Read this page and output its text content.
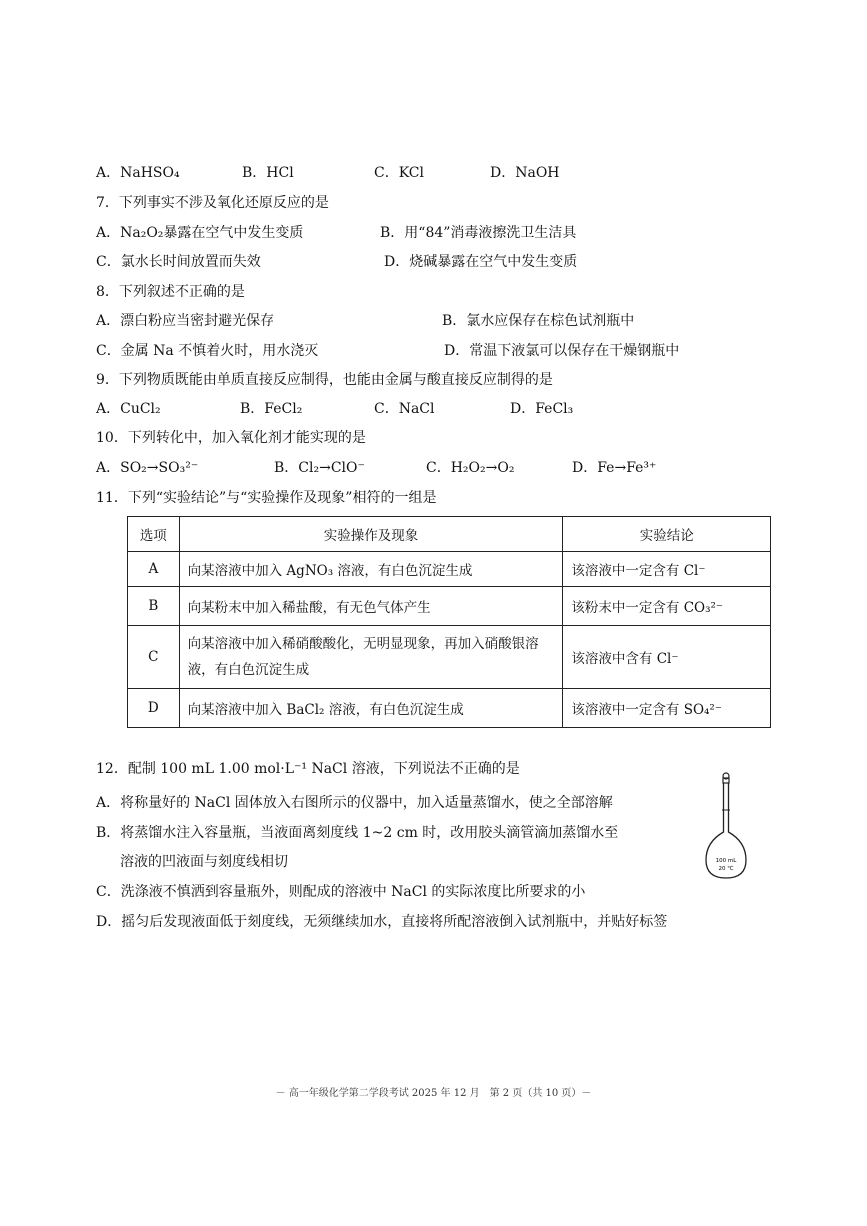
A．NaHSO₄	B．HCl	C．KCl	D．NaOH
7．下列事实不涉及氧化还原反应的是
A．Na₂O₂暴露在空气中发生变质	B．用“84”消毒液擦洗卫生洁具
C．氯水长时间放置而失效	D．烧碱暴露在空气中发生变质
8．下列叙述不正确的是
A．漂白粉应当密封避光保存	B．氯水应保存在棕色试剂瓶中
C．金属 Na 不慎着火时，用水浇灭	D．常温下液氯可以保存在干燥钢瓶中
9．下列物质既能由单质直接反应制得，也能由金属与酸直接反应制得的是
A．CuCl₂	B．FeCl₂	C．NaCl	D．FeCl₃
10．下列转化中，加入氧化剂才能实现的是
A．SO₂→SO₃²⁻	B．Cl₂→ClO⁻	C．H₂O₂→O₂	D．Fe→Fe³⁺
11．下列“实验结论”与“实验操作及现象”相符的一组是
选项	实验操作及现象	实验结论
A	向某溶液中加入 AgNO₃ 溶液，有白色沉淀生成	该溶液中一定含有 Cl⁻
B	向某粉末中加入稀盐酸，有无色气体产生	该粉末中一定含有 CO₃²⁻
C	向某溶液中加入稀硝酸酸化，无明显现象，再加入硝酸银溶液，有白色沉淀生成	该溶液中含有 Cl⁻
D	向某溶液中加入 BaCl₂ 溶液，有白色沉淀生成	该溶液中一定含有 SO₄²⁻
12．配制 100 mL 1.00 mol·L⁻¹ NaCl 溶液，下列说法不正确的是
A．将称量好的 NaCl 固体放入右图所示的仪器中，加入适量蒸馏水，使之全部溶解
B．将蒸馏水注入容量瓶，当液面离刻度线 1~2 cm 时，改用胶头滴管滴加蒸馏水至
溶液的凹液面与刻度线相切
C．洗涤液不慎洒到容量瓶外，则配成的溶液中 NaCl 的实际浓度比所要求的小
D．摇匀后发现液面低于刻度线，无须继续加水，直接将所配溶液倒入试剂瓶中，并贴好标签
100 mL
20 ℃
－ 高一年级化学第二学段考试 2025 年 12 月　第 2 页（共 10 页）－
